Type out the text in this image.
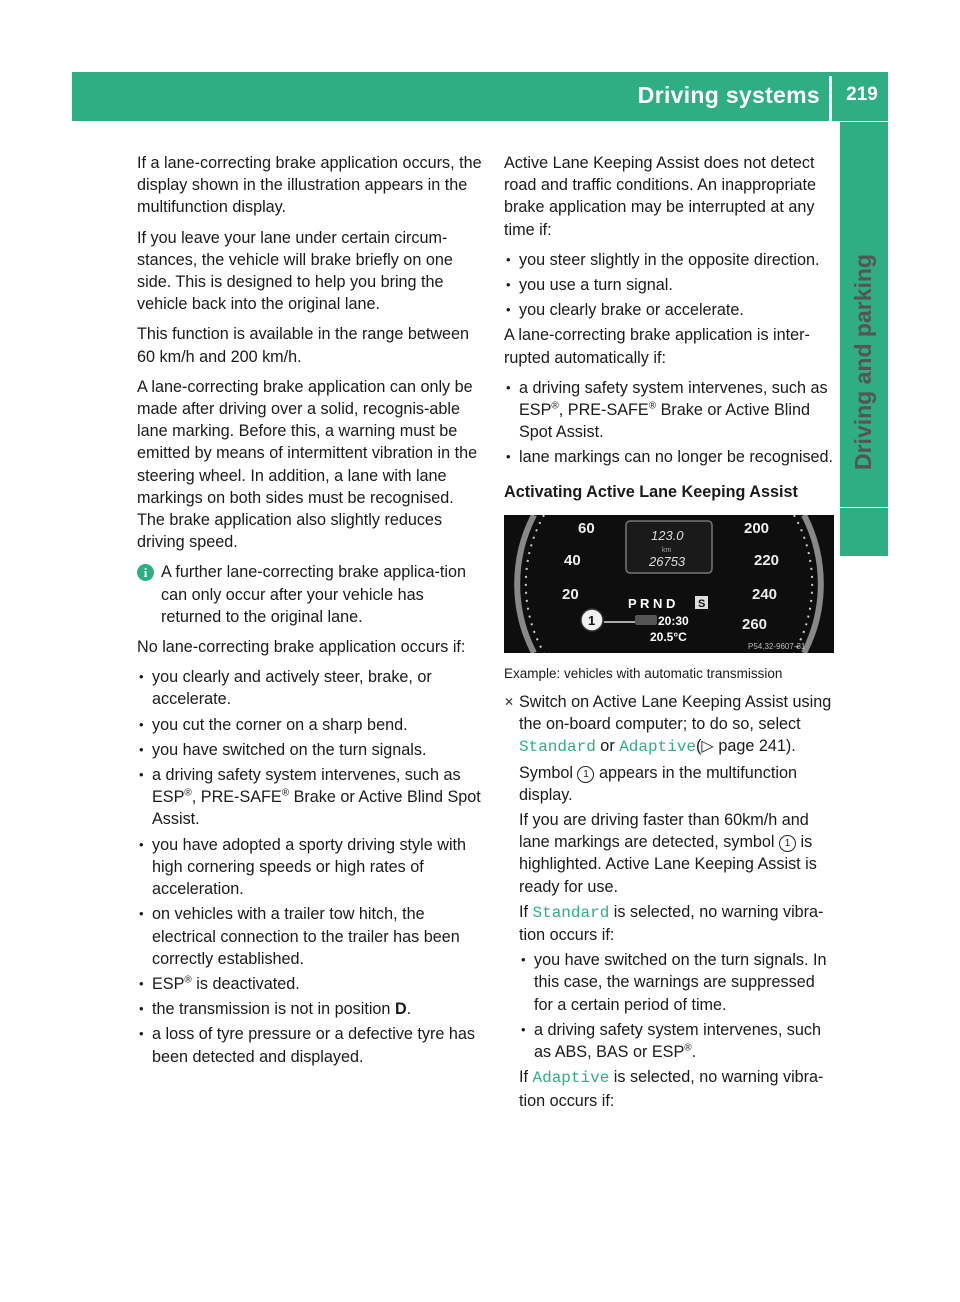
Driving systems	219
Driving and parking

If a lane-correcting brake application occurs, the display shown in the illustration appears in the multifunction display.

If you leave your lane under certain circum-stances, the vehicle will brake briefly on one side. This is designed to help you bring the vehicle back into the original lane.

This function is available in the range between 60 km/h and 200 km/h.

A lane-correcting brake application can only be made after driving over a solid, recognis-able lane marking. Before this, a warning must be emitted by means of intermittent vibration in the steering wheel. In addition, a lane with lane markings on both sides must be recognised. The brake application also slightly reduces driving speed.

i A further lane-correcting brake applica-tion can only occur after your vehicle has returned to the original lane.

No lane-correcting brake application occurs if:

• you clearly and actively steer, brake, or accelerate.
• you cut the corner on a sharp bend.
• you have switched on the turn signals.
• a driving safety system intervenes, such as ESP®, PRE-SAFE® Brake or Active Blind Spot Assist.
• you have adopted a sporty driving style with high cornering speeds or high rates of acceleration.
• on vehicles with a trailer tow hitch, the electrical connection to the trailer has been correctly established.
• ESP® is deactivated.
• the transmission is not in position D.
• a loss of tyre pressure or a defective tyre has been detected and displayed.

Active Lane Keeping Assist does not detect road and traffic conditions. An inappropriate brake application may be interrupted at any time if:

• you steer slightly in the opposite direction.
• you use a turn signal.
• you clearly brake or accelerate.

A lane-correcting brake application is inter-rupted automatically if:

• a driving safety system intervenes, such as ESP®, PRE-SAFE® Brake or Active Blind Spot Assist.
• lane markings can no longer be recognised.
Activating Active Lane Keeping Assist
60
40
20
200
220
240
260
123.0
km
26753
P R N D S
20:30
20.5°C
1
P54.32-9607-31
Example: vehicles with automatic transmission
✕ Switch on Active Lane Keeping Assist using the on-board computer; to do so, select Standard or Adaptive(▷ page 241).
Symbol 1 appears in the multifunction display.
If you are driving faster than 60km/h and lane markings are detected, symbol 1 is highlighted. Active Lane Keeping Assist is ready for use.
If Standard is selected, no warning vibra-tion occurs if:
• you have switched on the turn signals. In this case, the warnings are suppressed for a certain period of time.
• a driving safety system intervenes, such as ABS, BAS or ESP®.
If Adaptive is selected, no warning vibra-tion occurs if:
